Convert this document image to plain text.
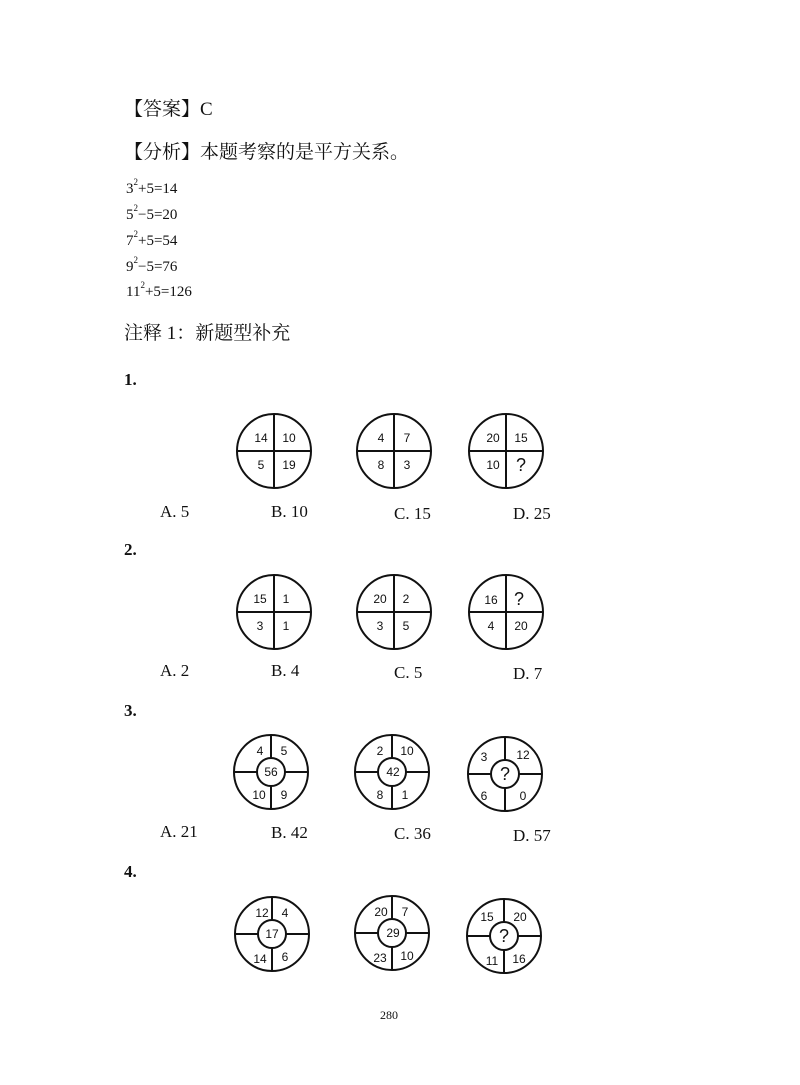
【答案】C
【分析】本题考察的是平方关系。
$3^2+5=14$
$5^2-5=20$
$7^2+5=54$
$9^2-5=76$
$11^2+5=126$
注释 1：新题型补充
1.
14 10
5 19
4 7
8 3
20 15
10 ?
A. 5	B. 10	C. 15	D. 25
2.
15 1
3 1
20 2
3 5
16 ?
4 20
A. 2	B. 4	C. 5	D. 7
3.
4 5
10 9
56
2 10
8 1
42
3 12
6	0
?
A. 21	B. 42	C. 36	D. 57
4.
12 4
14 6
17
20 7
23 10
29
15 20
11 16
?
280
